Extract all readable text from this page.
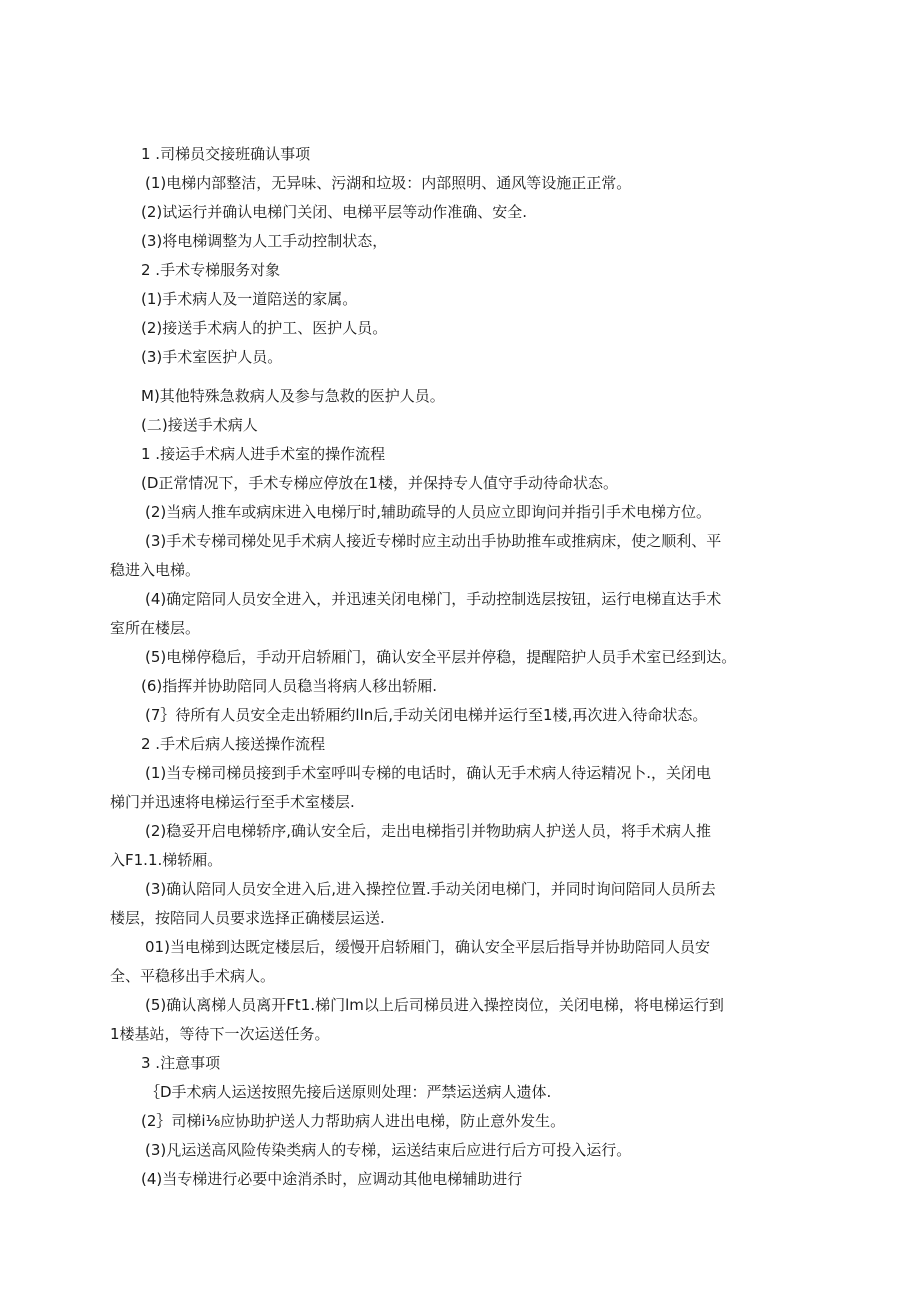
1 .司梯员交接班确认事项
(1)电梯内部整洁，无异味、污湖和垃圾：内部照明、通风等设施正正常。
(2)试运行并确认电梯门关闭、电梯平层等动作准确、安全.
(3)将电梯调整为人工手动控制状态，
2 .手术专梯服务对象
(1)手术病人及一道陪送的家属。
(2)接送手术病人的护工、医护人员。
(3)手术室医护人员。
M)其他特殊急救病人及参与急救的医护人员。
(二)接送手术病人
1 .接运手术病人进手术室的操作流程
(D正常情况下，手术专梯应停放在1楼，并保持专人值守手动待命状态。
(2)当病人推车或病床进入电梯厅时,辅助疏导的人员应立即询问并指引手术电梯方位。
(3)手术专梯司梯处见手术病人接近专梯时应主动出手协助推车或推病床，使之顺利、平
稳进入电梯。
(4)确定陪同人员安全进入，并迅速关闭电梯门，手动控制选层按钮，运行电梯直达手术
室所在楼层。
(5)电梯停稳后，手动开启轿厢门，确认安全平层并停稳，提醒陪护人员手术室已经到达。
(6)指挥并协助陪同人员稳当将病人移出轿厢.
(7｝待所有人员安全走出轿厢约lln后,手动关闭电梯并运行至1楼,再次进入待命状态。
2 .手术后病人接送操作流程
(1)当专梯司梯员接到手术室呼叫专梯的电话时，确认无手术病人待运精况卜.，关闭电
梯门并迅速将电梯运行至手术室楼层.
(2)稳妥开启电梯轿序,确认安全后，走出电梯指引并物助病人护送人员，将手术病人推
入F1.1.梯轿厢。
(3)确认陪同人员安全进入后,进入操控位置.手动关闭电梯门，并同时询问陪同人员所去
楼层，按陪同人员要求选择正确楼层运送.
01)当电梯到达既定楼层后，缓慢开启轿厢门，确认安全平层后指导并协助陪同人员安
全、平稳移出手术病人。
(5)确认离梯人员离开Ft1.梯门lm以上后司梯员进入操控岗位，关闭电梯，将电梯运行到
1楼基站，等待下一次运送任务。
3 .注意事项
｛D手术病人运送按照先接后送原则处理：严禁运送病人遗体.
(2｝司梯i⅛应协助护送人力帮助病人进出电梯，防止意外发生。
(3)凡运送高风险传染类病人的专梯，运送结束后应进行后方可投入运行。
(4)当专梯进行必要中途消杀时，应调动其他电梯辅助进行
